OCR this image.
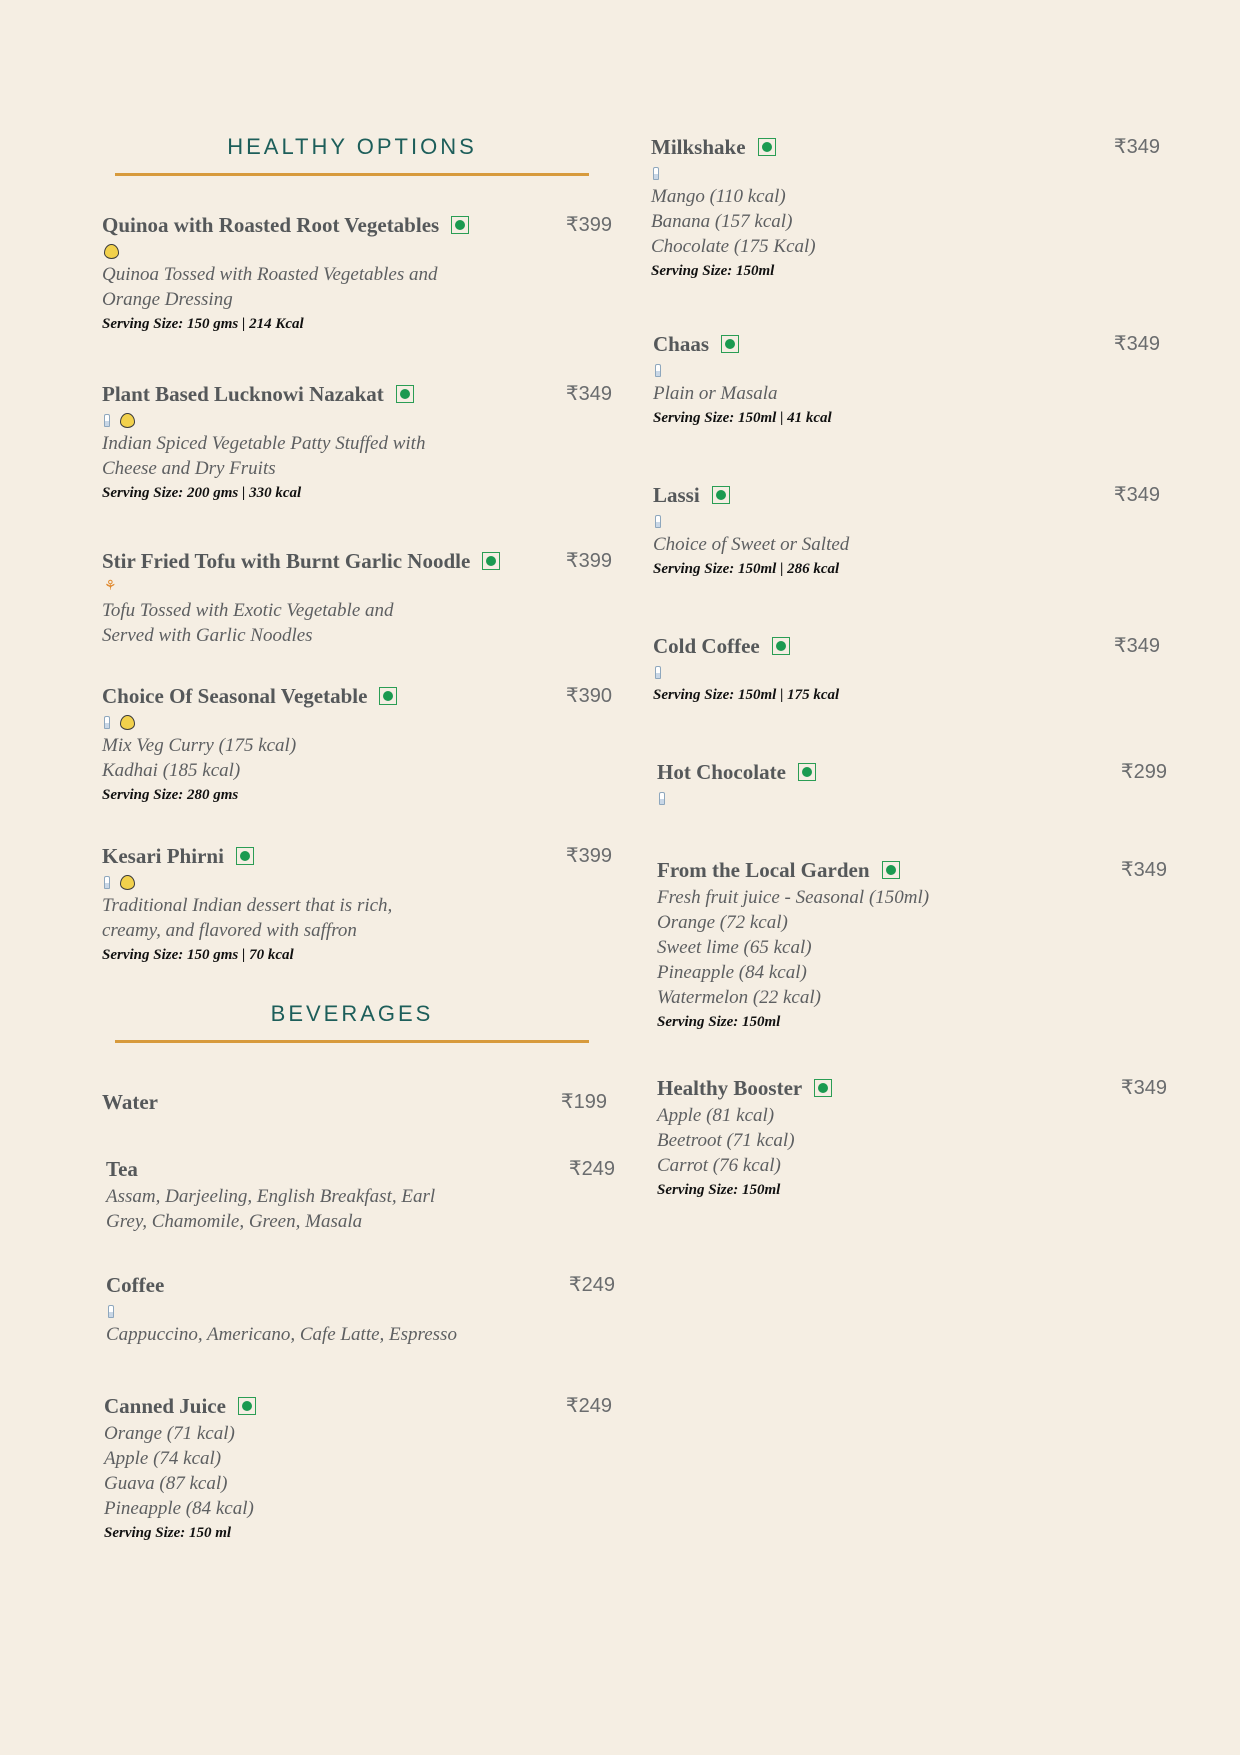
HEALTHY OPTIONS
BEVERAGES
Quinoa with Roasted Root Vegetables	₹399
Quinoa Tossed with Roasted Vegetables and
Orange Dressing
Serving Size: 150 gms | 214 Kcal
Plant Based Lucknowi Nazakat	₹349
Indian Spiced Vegetable Patty Stuffed with
Cheese and Dry Fruits
Serving Size: 200 gms | 330 kcal
Stir Fried Tofu with Burnt Garlic Noodle	₹399
⚘
Tofu Tossed with Exotic Vegetable and
Served with Garlic Noodles
Choice Of Seasonal Vegetable	₹390
Mix Veg Curry (175 kcal)
Kadhai (185 kcal)
Serving Size: 280 gms
Kesari Phirni	₹399
Traditional Indian dessert that is rich,
creamy, and flavored with saffron
Serving Size: 150 gms | 70 kcal
Water	₹199
Tea	₹249
Assam, Darjeeling, English Breakfast, Earl
Grey, Chamomile, Green, Masala
Coffee	₹249
Cappuccino, Americano, Cafe Latte, Espresso
Canned Juice	₹249
Orange (71 kcal)
Apple (74 kcal)
Guava (87 kcal)
Pineapple (84 kcal)
Serving Size: 150 ml
Milkshake	₹349
Mango (110 kcal)
Banana (157 kcal)
Chocolate (175 Kcal)
Serving Size: 150ml
Chaas	₹349
Plain or Masala
Serving Size: 150ml | 41 kcal
Lassi	₹349
Choice of Sweet or Salted
Serving Size: 150ml | 286 kcal
Cold Coffee	₹349
Serving Size: 150ml | 175 kcal
Hot Chocolate	₹299
From the Local Garden	₹349
Fresh fruit juice - Seasonal (150ml)
Orange (72 kcal)
Sweet lime (65 kcal)
Pineapple (84 kcal)
Watermelon (22 kcal)
Serving Size: 150ml
Healthy Booster	₹349
Apple (81 kcal)
Beetroot (71 kcal)
Carrot (76 kcal)
Serving Size: 150ml
